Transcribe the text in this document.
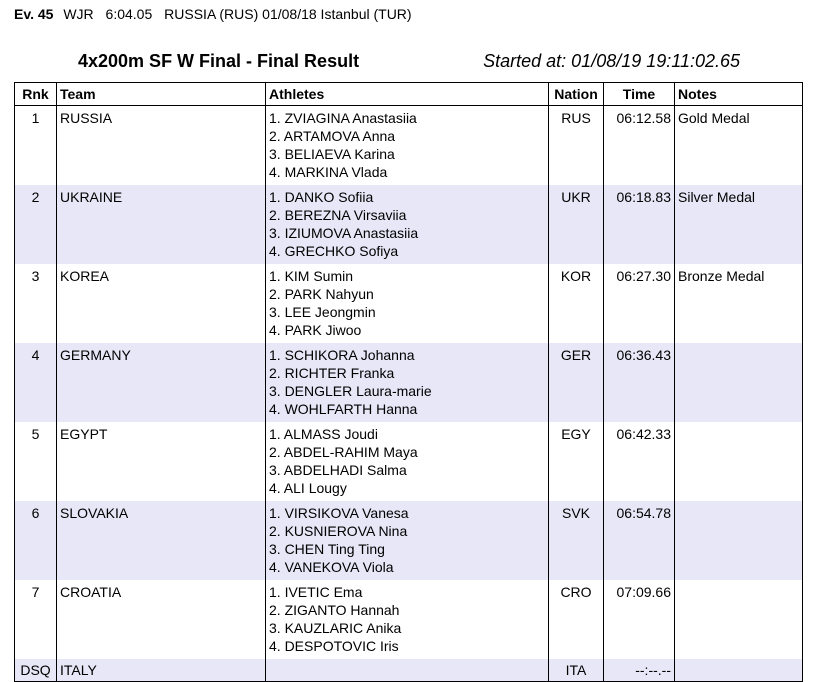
Ev. 45 WJR 6:04.05 RUSSIA (RUS) 01/08/18 Istanbul (TUR)
4x200m SF W Final - Final Result	Started at: 01/08/19 19:11:02.65
Rnk	Team	Athletes	Nation	Time	Notes
1	RUSSIA	1. ZVIAGINA Anastasiia
2. ARTAMOVA Anna
3. BELIAEVA Karina
4. MARKINA Vlada	RUS	06:12.58	Gold Medal
2	UKRAINE	1. DANKO Sofiia
2. BEREZNA Virsaviia
3. IZIUMOVA Anastasiia
4. GRECHKO Sofiya	UKR	06:18.83	Silver Medal
3	KOREA	1. KIM Sumin
2. PARK Nahyun
3. LEE Jeongmin
4. PARK Jiwoo	KOR	06:27.30	Bronze Medal
4	GERMANY	1. SCHIKORA Johanna
2. RICHTER Franka
3. DENGLER Laura-marie
4. WOHLFARTH Hanna	GER	06:36.43	
5	EGYPT	1. ALMASS Joudi
2. ABDEL-RAHIM Maya
3. ABDELHADI Salma
4. ALI Lougy	EGY	06:42.33	
6	SLOVAKIA	1. VIRSIKOVA Vanesa
2. KUSNIEROVA Nina
3. CHEN Ting Ting
4. VANEKOVA Viola	SVK	06:54.78	
7	CROATIA	1. IVETIC Ema
2. ZIGANTO Hannah
3. KAUZLARIC Anika
4. DESPOTOVIC Iris	CRO	07:09.66	
DSQ	ITALY		ITA	--:--.--	
